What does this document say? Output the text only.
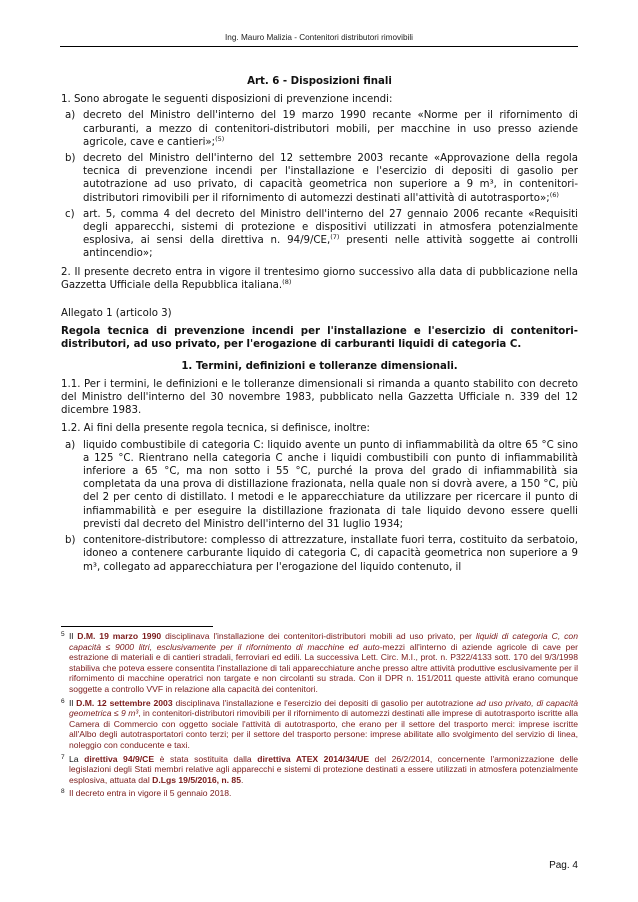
Ing. Mauro Malizia - Contenitori distributori rimovibili

Art. 6 - Disposizioni finali

1. Sono abrogate le seguenti disposizioni di prevenzione incendi:

a) decreto del Ministro dell'interno del 19 marzo 1990 recante «Norme per il rifornimento di carburanti, a mezzo di contenitori-distributori mobili, per macchine in uso presso aziende agricole, cave e cantieri»;$^{(5)}$
b) decreto del Ministro dell'interno del 12 settembre 2003 recante «Approvazione della regola tecnica di prevenzione incendi per l'installazione e l'esercizio di depositi di gasolio per autotrazione ad uso privato, di capacità geometrica non superiore a 9 m³, in contenitori-distributori rimovibili per il rifornimento di automezzi destinati all'attività di autotrasporto»;$^{(6)}$
c) art. 5, comma 4 del decreto del Ministro dell'interno del 27 gennaio 2006 recante «Requisiti degli apparecchi, sistemi di protezione e dispositivi utilizzati in atmosfera potenzialmente esplosiva, ai sensi della direttiva n. 94/9/CE,$^{(7)}$ presenti nelle attività soggette ai controlli antincendio»;

2. Il presente decreto entra in vigore il trentesimo giorno successivo alla data di pubblicazione nella Gazzetta Ufficiale della Repubblica italiana.$^{(8)}$

Allegato 1 (articolo 3)

Regola tecnica di prevenzione incendi per l'installazione e l'esercizio di contenitori-distributori, ad uso privato, per l'erogazione di carburanti liquidi di categoria C.

1. Termini, definizioni e tolleranze dimensionali.

1.1. Per i termini, le definizioni e le tolleranze dimensionali si rimanda a quanto stabilito con decreto del Ministro dell'interno del 30 novembre 1983, pubblicato nella Gazzetta Ufficiale n. 339 del 12 dicembre 1983.

1.2. Ai fini della presente regola tecnica, si definisce, inoltre:

a) liquido combustibile di categoria C: liquido avente un punto di infiammabilità da oltre 65 °C sino a 125 °C. Rientrano nella categoria C anche i liquidi combustibili con punto di infiammabilità inferiore a 65 °C, ma non sotto i 55 °C, purché la prova del grado di infiammabilità sia completata da una prova di distillazione frazionata, nella quale non si dovrà avere, a 150 °C, più del 2 per cento di distillato. I metodi e le apparecchiature da utilizzare per ricercare il punto di infiammabilità e per eseguire la distillazione frazionata di tale liquido devono essere quelli previsti dal decreto del Ministro dell'interno del 31 luglio 1934;
b) contenitore-distributore: complesso di attrezzature, installate fuori terra, costituito da serbatoio, idoneo a contenere carburante liquido di categoria C, di capacità geometrica non superiore a 9 m³, collegato ad apparecchiatura per l'erogazione del liquido contenuto, il
5 Il D.M. 19 marzo 1990 disciplinava l'installazione dei contenitori-distributori mobili ad uso privato, per liquidi di categoria C, con capacità ≤ 9000 litri, esclusivamente per il rifornimento di macchine ed auto-mezzi all'interno di aziende agricole di cave per estrazione di materiali e di cantieri stradali, ferroviari ed edili. La successiva Lett. Circ. M.I., prot. n. P322/4133 sott. 170 del 9/3/1998 stabiliva che poteva essere consentita l'installazione di tali apparecchiature anche presso altre attività produttive esclusivamente per il rifornimento di macchine operatrici non targate e non circolanti su strada. Con il DPR n. 151/2011 queste attività erano comunque soggette a controllo VVF in relazione alla capacità dei contenitori.
6 Il D.M. 12 settembre 2003 disciplinava l'installazione e l'esercizio dei depositi di gasolio per autotrazione ad uso privato, di capacità geometrica ≤ 9 m³, in contenitori-distributori rimovibili per il rifornimento di automezzi destinati alle imprese di autotrasporto iscritte alla Camera di Commercio con oggetto sociale l'attività di autotrasporto, che erano per il settore del trasporto merci: imprese iscritte all'Albo degli autotrasportatori conto terzi; per il settore del trasporto persone: imprese abilitate allo svolgimento del servizio di linea, noleggio con conducente e taxi.
7 La direttiva 94/9/CE è stata sostituita dalla direttiva ATEX 2014/34/UE del 26/2/2014, concernente l'armonizzazione delle legislazioni degli Stati membri relative agli apparecchi e sistemi di protezione destinati a essere utilizzati in atmosfera potenzialmente esplosiva, attuata dal D.Lgs 19/5/2016, n. 85.
8 Il decreto entra in vigore il 5 gennaio 2018.
Pag. 4
